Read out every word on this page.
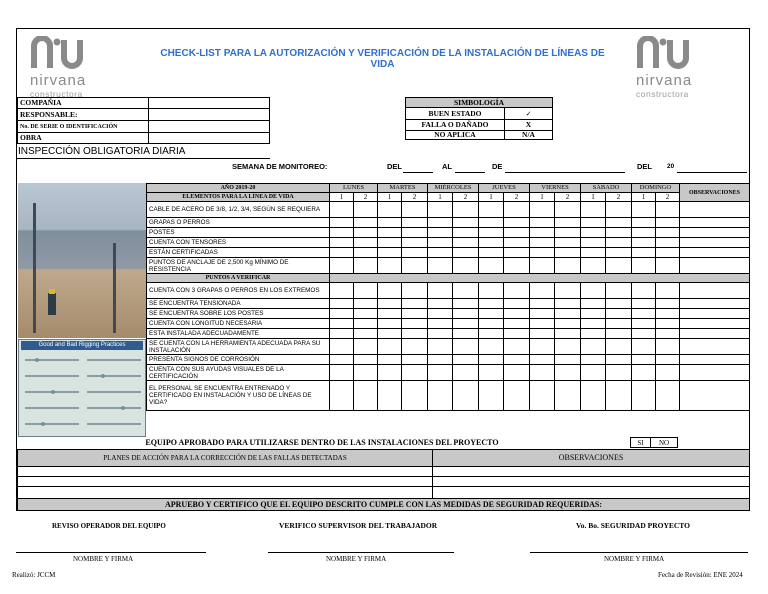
nirvana
constructora
nirvana
constructora
CHECK-LIST PARA LA AUTORIZACIÓN Y VERIFICACIÓN DE LA INSTALACIÓN DE LÍNEAS DE VIDA
COMPAÑIA	
RESPONSABLE:	
No. DE SERIE O IDENTIFICACIÓN	
OBRA	
INSPECCIÓN OBLIGATORIA DIARIA
SIMBOLOGÍA	
BUEN ESTADO	✓
FALLA O DAÑADO	X
NO APLICA	N/A
SEMANA DE MONITOREO:	DEL	AL	DE	DEL 20
Good and Bad Rigging Practices
AÑO 2019-20	LUNES		MARTES		MIÉRCOLES		JUEVES		VIERNES		SÁBADO		DOMINGO		OBSERVACIONES
ELEMENTOS PARA LA LÍNEA DE VIDA	1	2	1	2	1	2	1	2	1	2	1	2	1	2	
CABLE DE ACERO DE 3/8, 1/2, 3/4, SEGÚN SE REQUIERA															
GRAPAS O PERROS															
POSTES															
CUENTA CON TENSORES															
ESTÁN CERTIFICADAS															
PUNTOS DE ANCLAJE DE 2,500 Kg MÍNIMO DE RESISTENCIA															
PUNTOS A VERIFICAR															
CUENTA CON 3 GRAPAS O PERROS EN LOS EXTREMOS															
SE ENCUENTRA TENSIONADA															
SE ENCUENTRA SOBRE LOS POSTES															
CUENTA CON LONGITUD NECESARIA															
ESTA INSTALADA ADECUADAMENTE															
SE CUENTA CON LA HERRAMIENTA ADECUADA PARA SU INSTALACIÓN															
PRESENTA SIGNOS DE CORROSIÓN															
CUENTA CON SUS AYUDAS VISUALES DE LA CERTIFICACIÓN															
EL PERSONAL SE ENCUENTRA ENTRENADO Y CERTIFICADO EN INSTALACIÓN Y USO DE LÍNEAS DE VIDA?															
EQUIPO APROBADO PARA UTILIZARSE DENTRO DE LAS INSTALACIONES DEL PROYECTO	SI	NO
PLANES DE ACCIÓN PARA LA CORRECCIÓN DE LAS FALLAS DETECTADAS	OBSERVACIONES

APRUEBO Y CERTIFICO QUE EL EQUIPO DESCRITO CUMPLE CON LAS MEDIDAS DE SEGURIDAD REQUERIDAS:	
REVISO OPERADOR DEL EQUIPO	VERIFICO SUPERVISOR DEL TRABAJADOR	Vo. Bo. SEGURIDAD PROYECTO
NOMBRE Y FIRMA	NOMBRE Y FIRMA	NOMBRE Y FIRMA
Realizó: JCCM	Fecha de Revisión: ENE 2024
